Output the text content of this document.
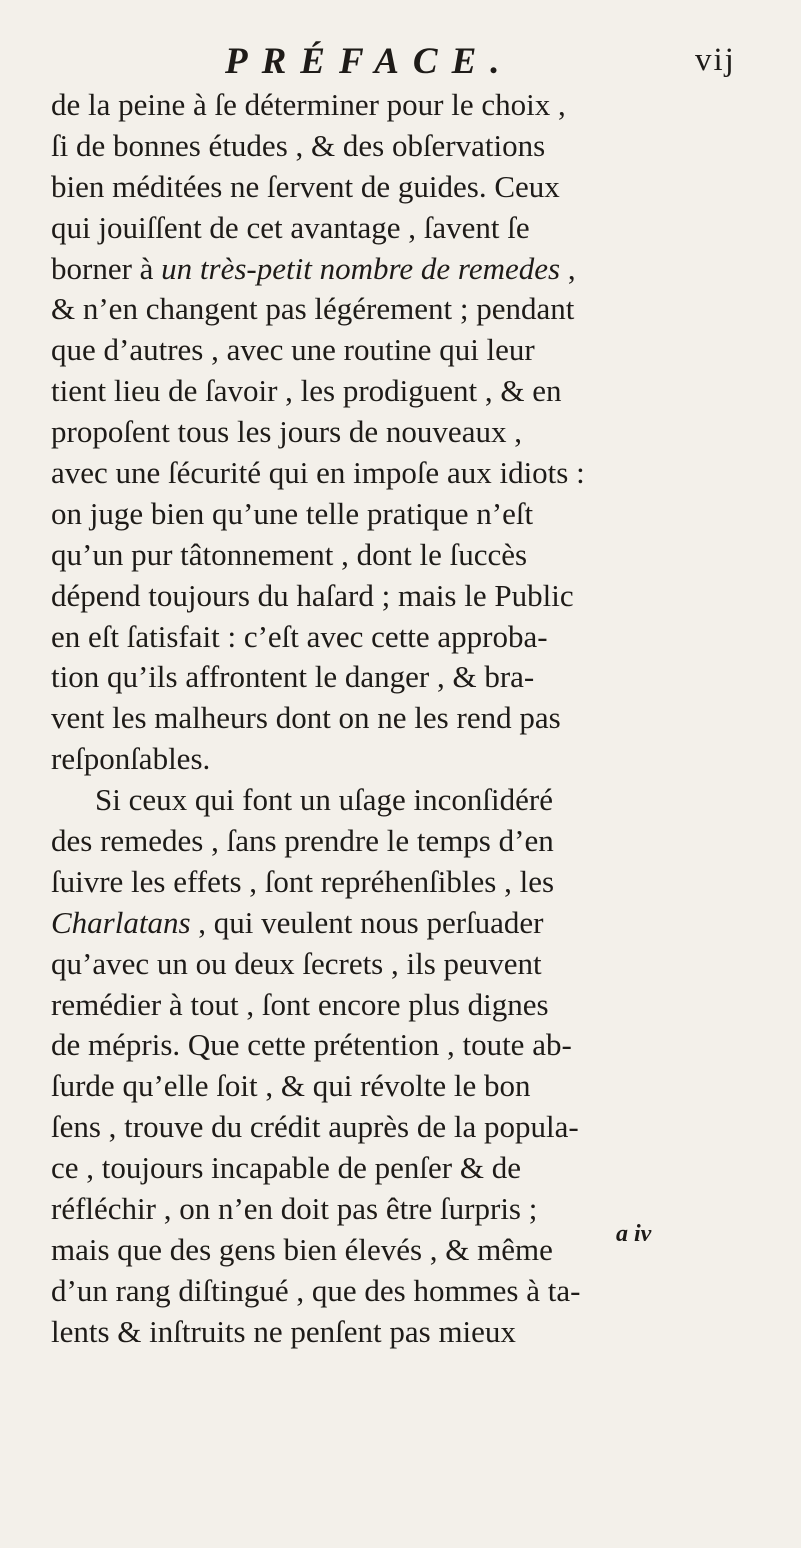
PRÉFACE.	vij
de la peine à ſe déterminer pour le choix ,
ſi de bonnes études , & des obſervations
bien méditées ne ſervent de guides. Ceux
qui jouiſſent de cet avantage , ſavent ſe
borner à un très-petit nombre de remedes ,
& n’en changent pas légérement ; pendant
que d’autres , avec une routine qui leur
tient lieu de ſavoir , les prodiguent , & en
propoſent tous les jours de nouveaux ,
avec une ſécurité qui en impoſe aux idiots :
on juge bien qu’une telle pratique n’eſt
qu’un pur tâtonnement , dont le ſuccès
dépend toujours du haſard ; mais le Public
en eſt ſatisfait : c’eſt avec cette approba-
tion qu’ils affrontent le danger , & bra-
vent les malheurs dont on ne les rend pas
reſponſables.
Si ceux qui font un uſage inconſidéré
des remedes , ſans prendre le temps d’en
ſuivre les effets , ſont repréhenſibles , les
Charlatans , qui veulent nous perſuader
qu’avec un ou deux ſecrets , ils peuvent
remédier à tout , ſont encore plus dignes
de mépris. Que cette prétention , toute ab-
ſurde qu’elle ſoit , & qui révolte le bon
ſens , trouve du crédit auprès de la popula-
ce , toujours incapable de penſer & de
réfléchir , on n’en doit pas être ſurpris ;
mais que des gens bien élevés , & même
d’un rang diſtingué , que des hommes à ta-
lents & inſtruits ne penſent pas mieux
a iv
